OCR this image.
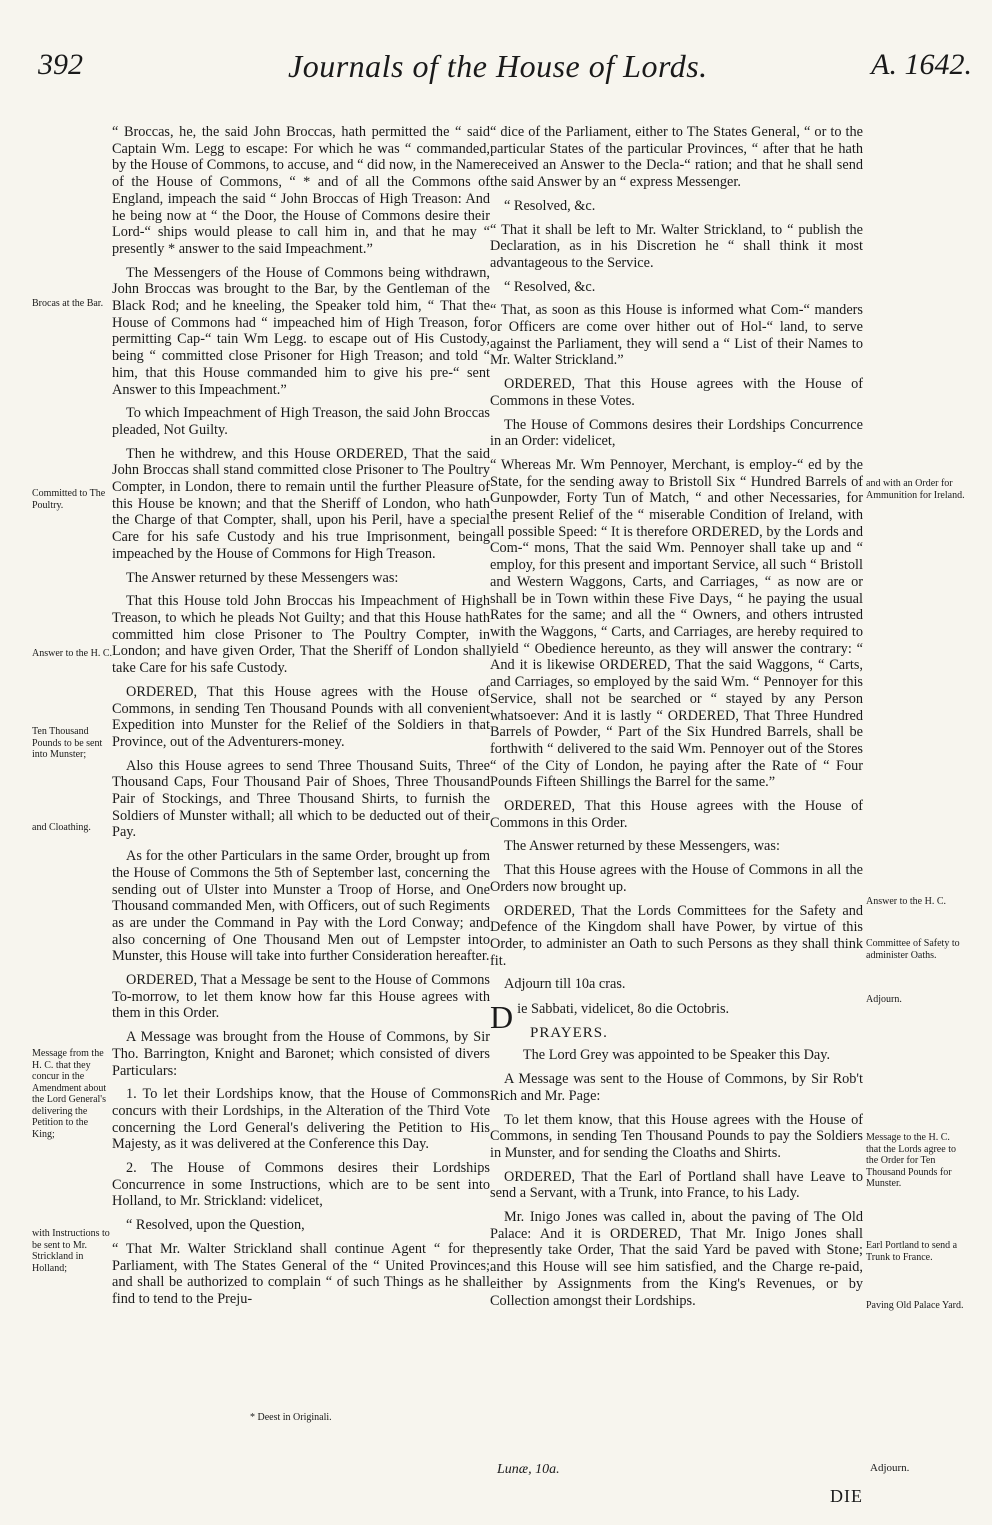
392	Journals of the House of Lords.	A. 1642.
Brocas at the Bar.
Committed to The Poultry.
Answer to the H. C.
Ten Thousand Pounds to be sent into Munster;
and Cloathing.
Message from the H. C. that they concur in the Amendment about the Lord General's delivering the Petition to the King;
with Instructions to be sent to Mr. Strickland in Holland;

“ Broccas, he, the said John Broccas, hath permitted the “ said Captain Wm. Legg to escape: For which he was “ commanded, by the House of Commons, to accuse, and “ did now, in the Name of the House of Commons, “ * and of all the Commons of England, impeach the said “ John Broccas of High Treason: And he being now at “ the Door, the House of Commons desire their Lord-“ ships would please to call him in, and that he may “ presently * answer to the said Impeachment.”

The Messengers of the House of Commons being withdrawn, John Broccas was brought to the Bar, by the Gentleman of the Black Rod; and he kneeling, the Speaker told him, “ That the House of Commons had “ impeached him of High Treason, for permitting Cap-“ tain Wm Legg. to escape out of His Custody, being “ committed close Prisoner for High Treason; and told “ him, that this House commanded him to give his pre-“ sent Answer to this Impeachment.”

To which Impeachment of High Treason, the said John Broccas pleaded, Not Guilty.

Then he withdrew, and this House ORDERED, That the said John Broccas shall stand committed close Prisoner to The Poultry Compter, in London, there to remain until the further Pleasure of this House be known; and that the Sheriff of London, who hath the Charge of that Compter, shall, upon his Peril, have a special Care for his safe Custody and his true Imprisonment, being impeached by the House of Commons for High Treason.

The Answer returned by these Messengers was:

That this House told John Broccas his Impeachment of High Treason, to which he pleads Not Guilty; and that this House hath committed him close Prisoner to The Poultry Compter, in London; and have given Order, That the Sheriff of London shall take Care for his safe Custody.

ORDERED, That this House agrees with the House of Commons, in sending Ten Thousand Pounds with all convenient Expedition into Munster for the Relief of the Soldiers in that Province, out of the Adventurers-money.

Also this House agrees to send Three Thousand Suits, Three Thousand Caps, Four Thousand Pair of Shoes, Three Thousand Pair of Stockings, and Three Thousand Shirts, to furnish the Soldiers of Munster withall; all which to be deducted out of their Pay.

As for the other Particulars in the same Order, brought up from the House of Commons the 5th of September last, concerning the sending out of Ulster into Munster a Troop of Horse, and One Thousand commanded Men, with Officers, out of such Regiments as are under the Command in Pay with the Lord Conway; and also concerning of One Thousand Men out of Lempster into Munster, this House will take into further Consideration hereafter.

ORDERED, That a Message be sent to the House of Commons To-morrow, to let them know how far this House agrees with them in this Order.

A Message was brought from the House of Commons, by Sir Tho. Barrington, Knight and Baronet; which consisted of divers Particulars:

1. To let their Lordships know, that the House of Commons concurs with their Lordships, in the Alteration of the Third Vote concerning the Lord General's delivering the Petition to His Majesty, as it was delivered at the Conference this Day.

2. The House of Commons desires their Lordships Concurrence in some Instructions, which are to be sent into Holland, to Mr. Strickland: videlicet,

“ Resolved, upon the Question,

“ That Mr. Walter Strickland shall continue Agent “ for the Parliament, with The States General of the “ United Provinces; and shall be authorized to complain “ of such Things as he shall find to tend to the Preju-

“ dice of the Parliament, either to The States General, “ or to the particular States of the particular Provinces, “ after that he hath received an Answer to the Decla-“ ration; and that he shall send the said Answer by an “ express Messenger.

“ Resolved, &c.

“ That it shall be left to Mr. Walter Strickland, to “ publish the Declaration, as in his Discretion he “ shall think it most advantageous to the Service.

“ Resolved, &c.

“ That, as soon as this House is informed what Com-“ manders or Officers are come over hither out of Hol-“ land, to serve against the Parliament, they will send a “ List of their Names to Mr. Walter Strickland.”

ORDERED, That this House agrees with the House of Commons in these Votes.

The House of Commons desires their Lordships Concurrence in an Order: videlicet,

“ Whereas Mr. Wm Pennoyer, Merchant, is employ-“ ed by the State, for the sending away to Bristoll Six “ Hundred Barrels of Gunpowder, Forty Tun of Match, “ and other Necessaries, for the present Relief of the “ miserable Condition of Ireland, with all possible Speed: “ It is therefore ORDERED, by the Lords and Com-“ mons, That the said Wm. Pennoyer shall take up and “ employ, for this present and important Service, all such “ Bristoll and Western Waggons, Carts, and Carriages, “ as now are or shall be in Town within these Five Days, “ he paying the usual Rates for the same; and all the “ Owners, and others intrusted with the Waggons, “ Carts, and Carriages, are hereby required to yield “ Obedience hereunto, as they will answer the contrary: “ And it is likewise ORDERED, That the said Waggons, “ Carts, and Carriages, so employed by the said Wm. “ Pennoyer for this Service, shall not be searched or “ stayed by any Person whatsoever: And it is lastly “ ORDERED, That Three Hundred Barrels of Powder, “ Part of the Six Hundred Barrels, shall be forthwith “ delivered to the said Wm. Pennoyer out of the Stores “ of the City of London, he paying after the Rate of “ Four Pounds Fifteen Shillings the Barrel for the same.”

ORDERED, That this House agrees with the House of Commons in this Order.

The Answer returned by these Messengers, was:

That this House agrees with the House of Commons in all the Orders now brought up.

ORDERED, That the Lords Committees for the Safety and Defence of the Kingdom shall have Power, by virtue of this Order, to administer an Oath to such Persons as they shall think fit.

Adjourn till 10a cras.

Die Sabbati, videlicet, 8o die Octobris.

PRAYERS.

The Lord Grey was appointed to be Speaker this Day.

A Message was sent to the House of Commons, by Sir Rob't Rich and Mr. Page:

To let them know, that this House agrees with the House of Commons, in sending Ten Thousand Pounds to pay the Soldiers in Munster, and for sending the Cloaths and Shirts.

ORDERED, That the Earl of Portland shall have Leave to send a Servant, with a Trunk, into France, to his Lady.

Mr. Inigo Jones was called in, about the paving of The Old Palace: And it is ORDERED, That Mr. Inigo Jones shall presently take Order, That the said Yard be paved with Stone; and this House will see him satisfied, and the Charge re-paid, either by Assignments from the King's Revenues, or by Collection amongst their Lordships.

and with an Order for Ammunition for Ireland.
Answer to the H. C.
Committee of Safety to administer Oaths.
Adjourn.
Message to the H. C. that the Lords agree to the Order for Ten Thousand Pounds for Munster.
Earl Portland to send a Trunk to France.
Paving Old Palace Yard.
* Deest in Originali.
Lunæ, 10a.	Adjourn.
DIE
